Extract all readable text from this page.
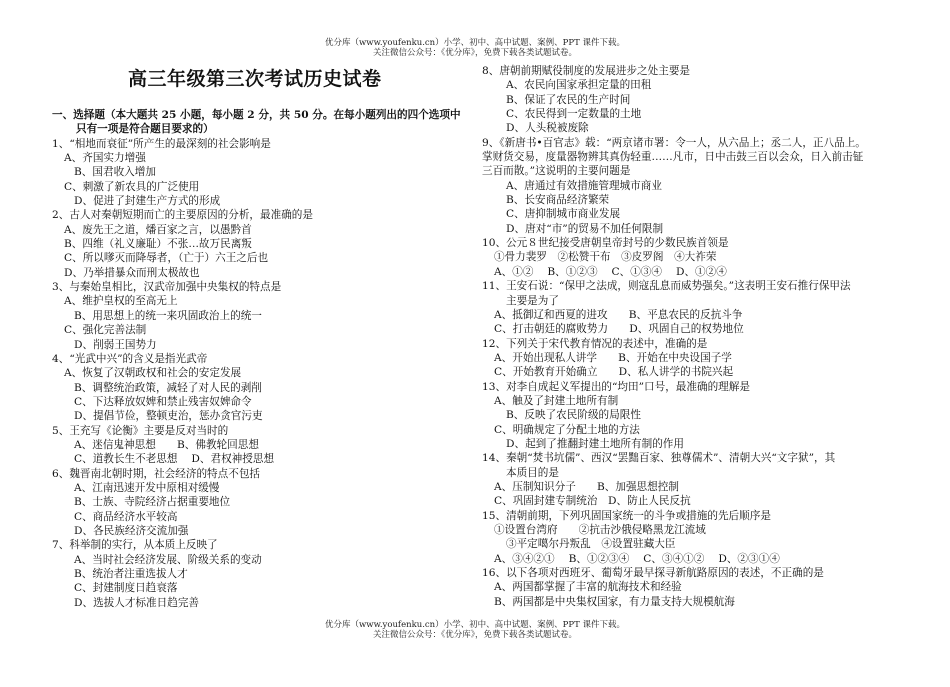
优分库（www.youfenku.cn）小学、初中、高中试题、案例、PPT 课件下载。
关注微信公众号：《优分库》，免费下载各类试题试卷。
高三年级第三次考试历史试卷
一、选择题（本大题共 25 小题，每小题 2 分，共 50 分。在每小题列出的四个选项中
只有一项是符合题目要求的）
1、“相地而衰征”所产生的最深刻的社会影响是
A、齐国实力增强
B、国君收入增加
C、刺激了新农具的广泛使用
D、促进了封建生产方式的形成
2、古人对秦朝短期而亡的主要原因的分析，最准确的是
A、废先王之道，燔百家之言，以愚黔首
B、四维（礼义廉耻）不张…故万民离叛
C、所以嗲灭而降辱者，（亡于）六王之后也
D、乃举措暴众而刑太极故也
3、与秦始皇相比，汉武帝加强中央集权的特点是
A、维护皇权的至高无上
B、用思想上的统一来巩固政治上的统一
C、强化完善法制
D、削弱王国势力
4、“光武中兴”的含义是指光武帝
A、恢复了汉朝政权和社会的安定发展
B、调整统治政策，减轻了对人民的剥削
C、下达释放奴婢和禁止残害奴婢命令
D、提倡节俭，整顿吏治，惩办贪官污吏
5、王充写《论衡》主要是反对当时的
A、迷信鬼神思想　　B、佛教轮回思想
C、道教长生不老思想　 D、君权神授思想
6、魏晋南北朝时期，社会经济的特点不包括
A、江南迅速开发中原相对缓慢
B、士族、寺院经济占据重要地位
C、商品经济水平较高
D、各民族经济交流加强
7、科举制的实行，从本质上反映了
A、当时社会经济发展、阶级关系的变动
B、统治者注重选拔人才
C、封建制度日趋衰落
D、选拔人才标准日趋完善
8、唐朝前期赋役制度的发展进步之处主要是
A、农民向国家承担定量的田租
B、保证了农民的生产时间
C、农民得到一定数量的土地
D、人头税被废除
9、《新唐书•百官志》载：“两京诸市署：令一人，从六品上；丞二人，正八品上。
掌财货交易，度量器物辨其真伪轻重……凡市，日中击鼓三百以会众，日入前击钲
三百而散。”这说明的主要问题是
A、唐通过有效措施管理城市商业
B、长安商品经济繁荣
C、唐抑制城市商业发展
D、唐对“市”的贸易不加任何限制
10、公元８世纪接受唐朝皇帝封号的少数民族首领是
①骨力裴罗　②松赞干布　③皮罗阁　④大祚荣
A、①②　 B、①②③　 C、①③④　 D、①②④
11、王安石说：“保甲之法成，则寇乱息而威势强矣。”这表明王安石推行保甲法
主要是为了
A、抵御辽和西夏的进攻　　B、平息农民的反抗斗争
C、打击朝廷的腐败势力　　D、巩固自己的权势地位
12、下列关于宋代教育情况的表述中，准确的是
A、开始出现私人讲学　　B、开始在中央设国子学
C、开始教育开始确立　　D、私人讲学的书院兴起
13、对李自成起义军提出的“均田”口号，最准确的理解是
A、触及了封建土地所有制
B、反映了农民阶级的局限性
C、明确规定了分配土地的方法
D、起到了推翻封建土地所有制的作用
14、秦朝“焚书坑儒”、西汉“罢黜百家、独尊儒术”、清朝大兴“文字狱”，其
本质目的是
A、压制知识分子　　B、加强思想控制
C、巩固封建专制统治　D、防止人民反抗
15、清朝前期，下列巩固国家统一的斗争或措施的先后顺序是
①设置台湾府　　②抗击沙俄侵略黑龙江流域
③平定噶尔丹叛乱　④设置驻藏大臣
A、③④②①　 B、①②③④　 C、③④①②　 D、②③①④
16、以下各项对西班牙、葡萄牙最早探寻新航路原因的表述，不正确的是
A、两国都掌握了丰富的航海技术和经验
B、两国都是中央集权国家，有力量支持大规模航海
优分库（www.youfenku.cn）小学、初中、高中试题、案例、PPT 课件下载。
关注微信公众号：《优分库》，免费下载各类试题试卷。
